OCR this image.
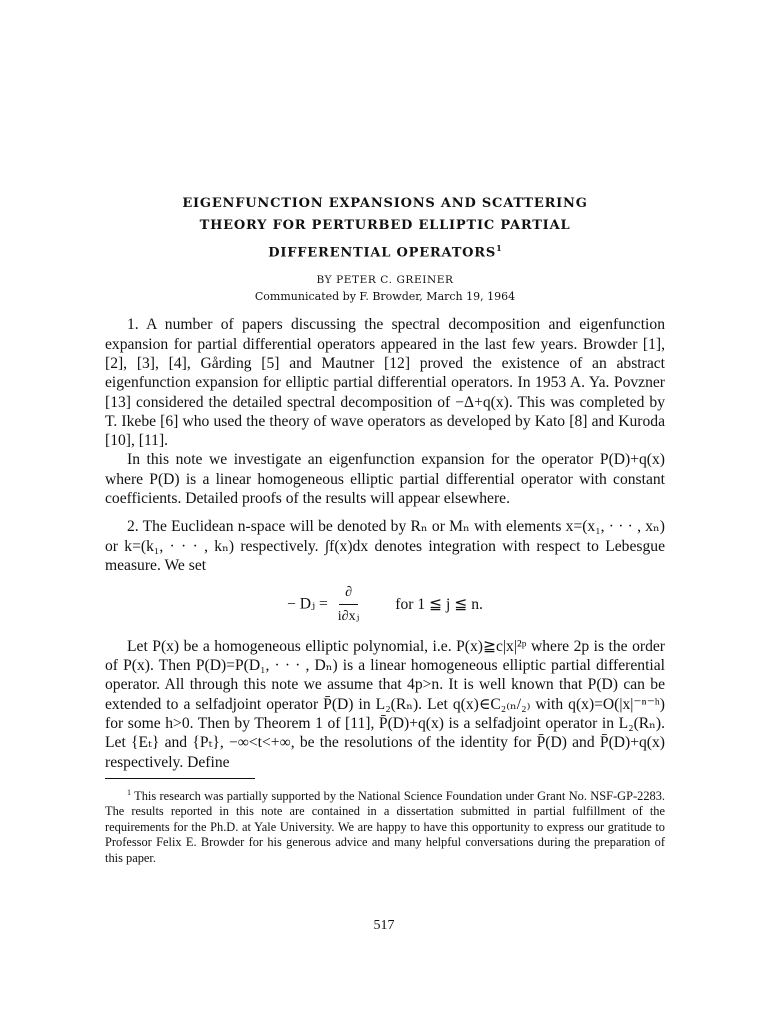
EIGENFUNCTION EXPANSIONS AND SCATTERING
THEORY FOR PERTURBED ELLIPTIC PARTIAL
DIFFERENTIAL OPERATORS$^1$
BY PETER C. GREINER
Communicated by F. Browder, March 19, 1964

1. A number of papers discussing the spectral decomposition and eigenfunction expansion for partial differential operators appeared in the last few years. Browder [1], [2], [3], [4], Gårding [5] and Mautner [12] proved the existence of an abstract eigenfunction expansion for elliptic partial differential operators. In 1953 A. Ya. Povzner [13] considered the detailed spectral decomposition of −Δ+q(x). This was completed by T. Ikebe [6] who used the theory of wave operators as developed by Kato [8] and Kuroda [10], [11].

In this note we investigate an eigenfunction expansion for the operator P(D)+q(x) where P(D) is a linear homogeneous elliptic partial differential operator with constant coefficients. Detailed proofs of the results will appear elsewhere.

2. The Euclidean n-space will be denoted by Rₙ or Mₙ with elements x=(x₁, · · · , xₙ) or k=(k₁, · · · , kₙ) respectively. ∫f(x)dx denotes integration with respect to Lebesgue measure. We set

− Dⱼ = $\frac{\partial}{\text{i∂xⱼ}}$ for 1 ≦ j ≦ n.

Let P(x) be a homogeneous elliptic polynomial, i.e. P(x)≧c|x|²ᵖ where 2p is the order of P(x). Then P(D)=P(D₁, · · · , Dₙ) is a linear homogeneous elliptic partial differential operator. All through this note we assume that 4p>n. It is well known that P(D) can be extended to a selfadjoint operator P̄(D) in L₂(Rₙ). Let q(x)∈C₂₍ₙ/₂₎ with q(x)=O(|x|⁻ⁿ⁻ʰ) for some h>0. Then by Theorem 1 of [11], P̄(D)+q(x) is a selfadjoint operator in L₂(Rₙ). Let {Eₜ} and {Pₜ}, −∞<t<+∞, be the resolutions of the identity for P̄(D) and P̄(D)+q(x) respectively. Define

$^1$ This research was partially supported by the National Science Foundation under Grant No. NSF-GP-2283. The results reported in this note are contained in a dissertation submitted in partial fulfillment of the requirements for the Ph.D. at Yale University. We are happy to have this opportunity to express our gratitude to Professor Felix E. Browder for his generous advice and many helpful conversations during the preparation of this paper.

517
